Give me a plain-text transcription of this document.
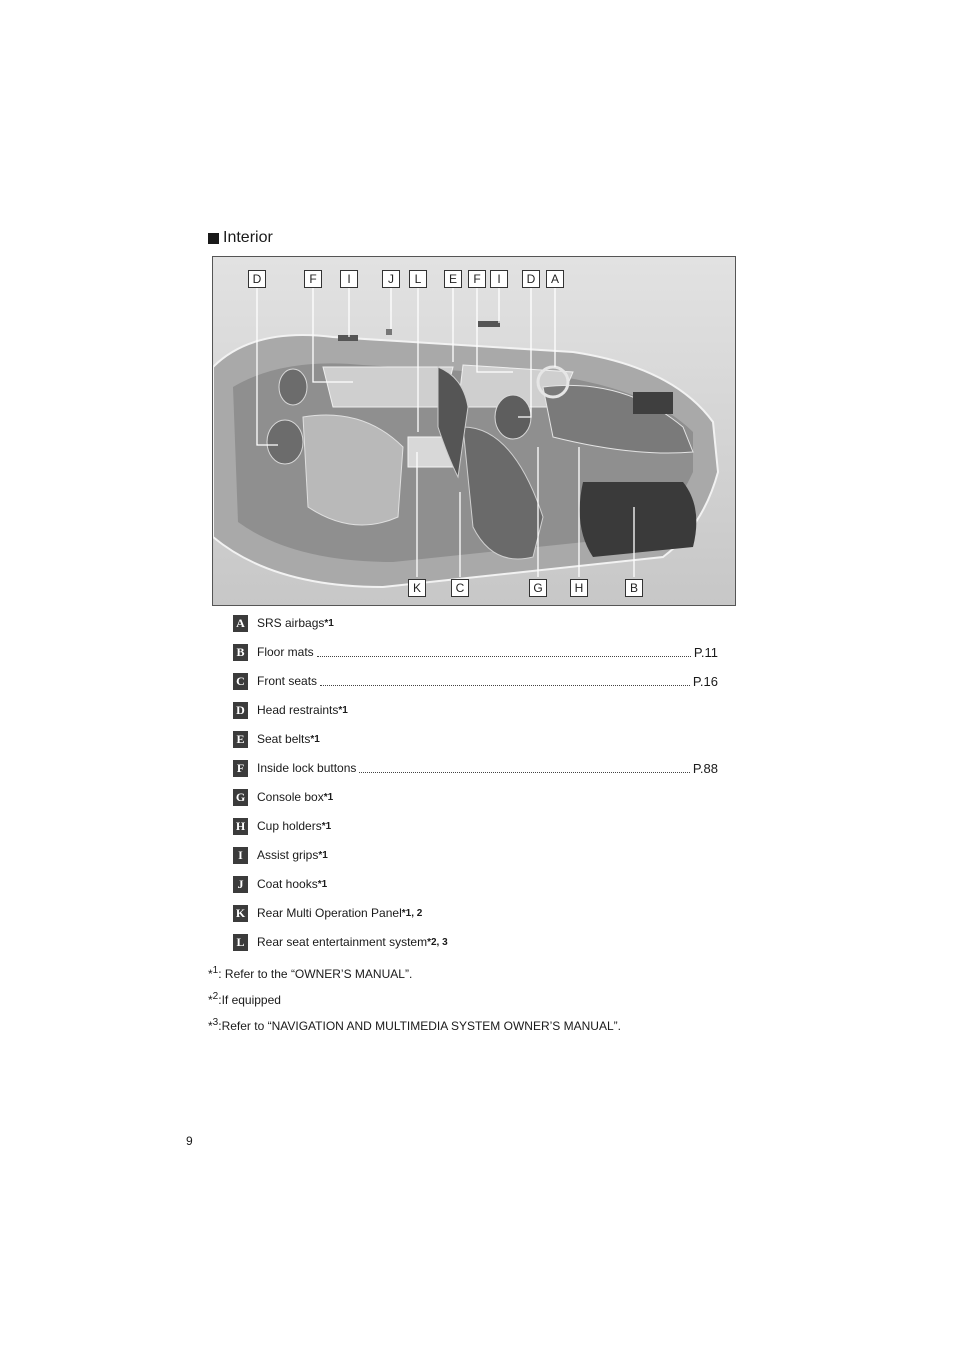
Interior
D	F	I	J	L	E	F	I	D	A
K	C	G	H	B
A SRS airbags *1
B Floor mats	P.11
C Front seats	P.16
D Head restraints *1
E Seat belts *1
F	Inside lock buttons	P.88
G Console box *1
H Cup holders *1
I	Assist grips *1
J	Coat hooks *1
K Rear Multi Operation Panel *1, 2
L Rear seat entertainment system *2, 3
*$^1$: Refer to the “OWNER’S MANUAL”.
*$^2$:If equipped
*$^3$:Refer to “NAVIGATION AND MULTIMEDIA SYSTEM OWNER’S MANUAL”.
9
